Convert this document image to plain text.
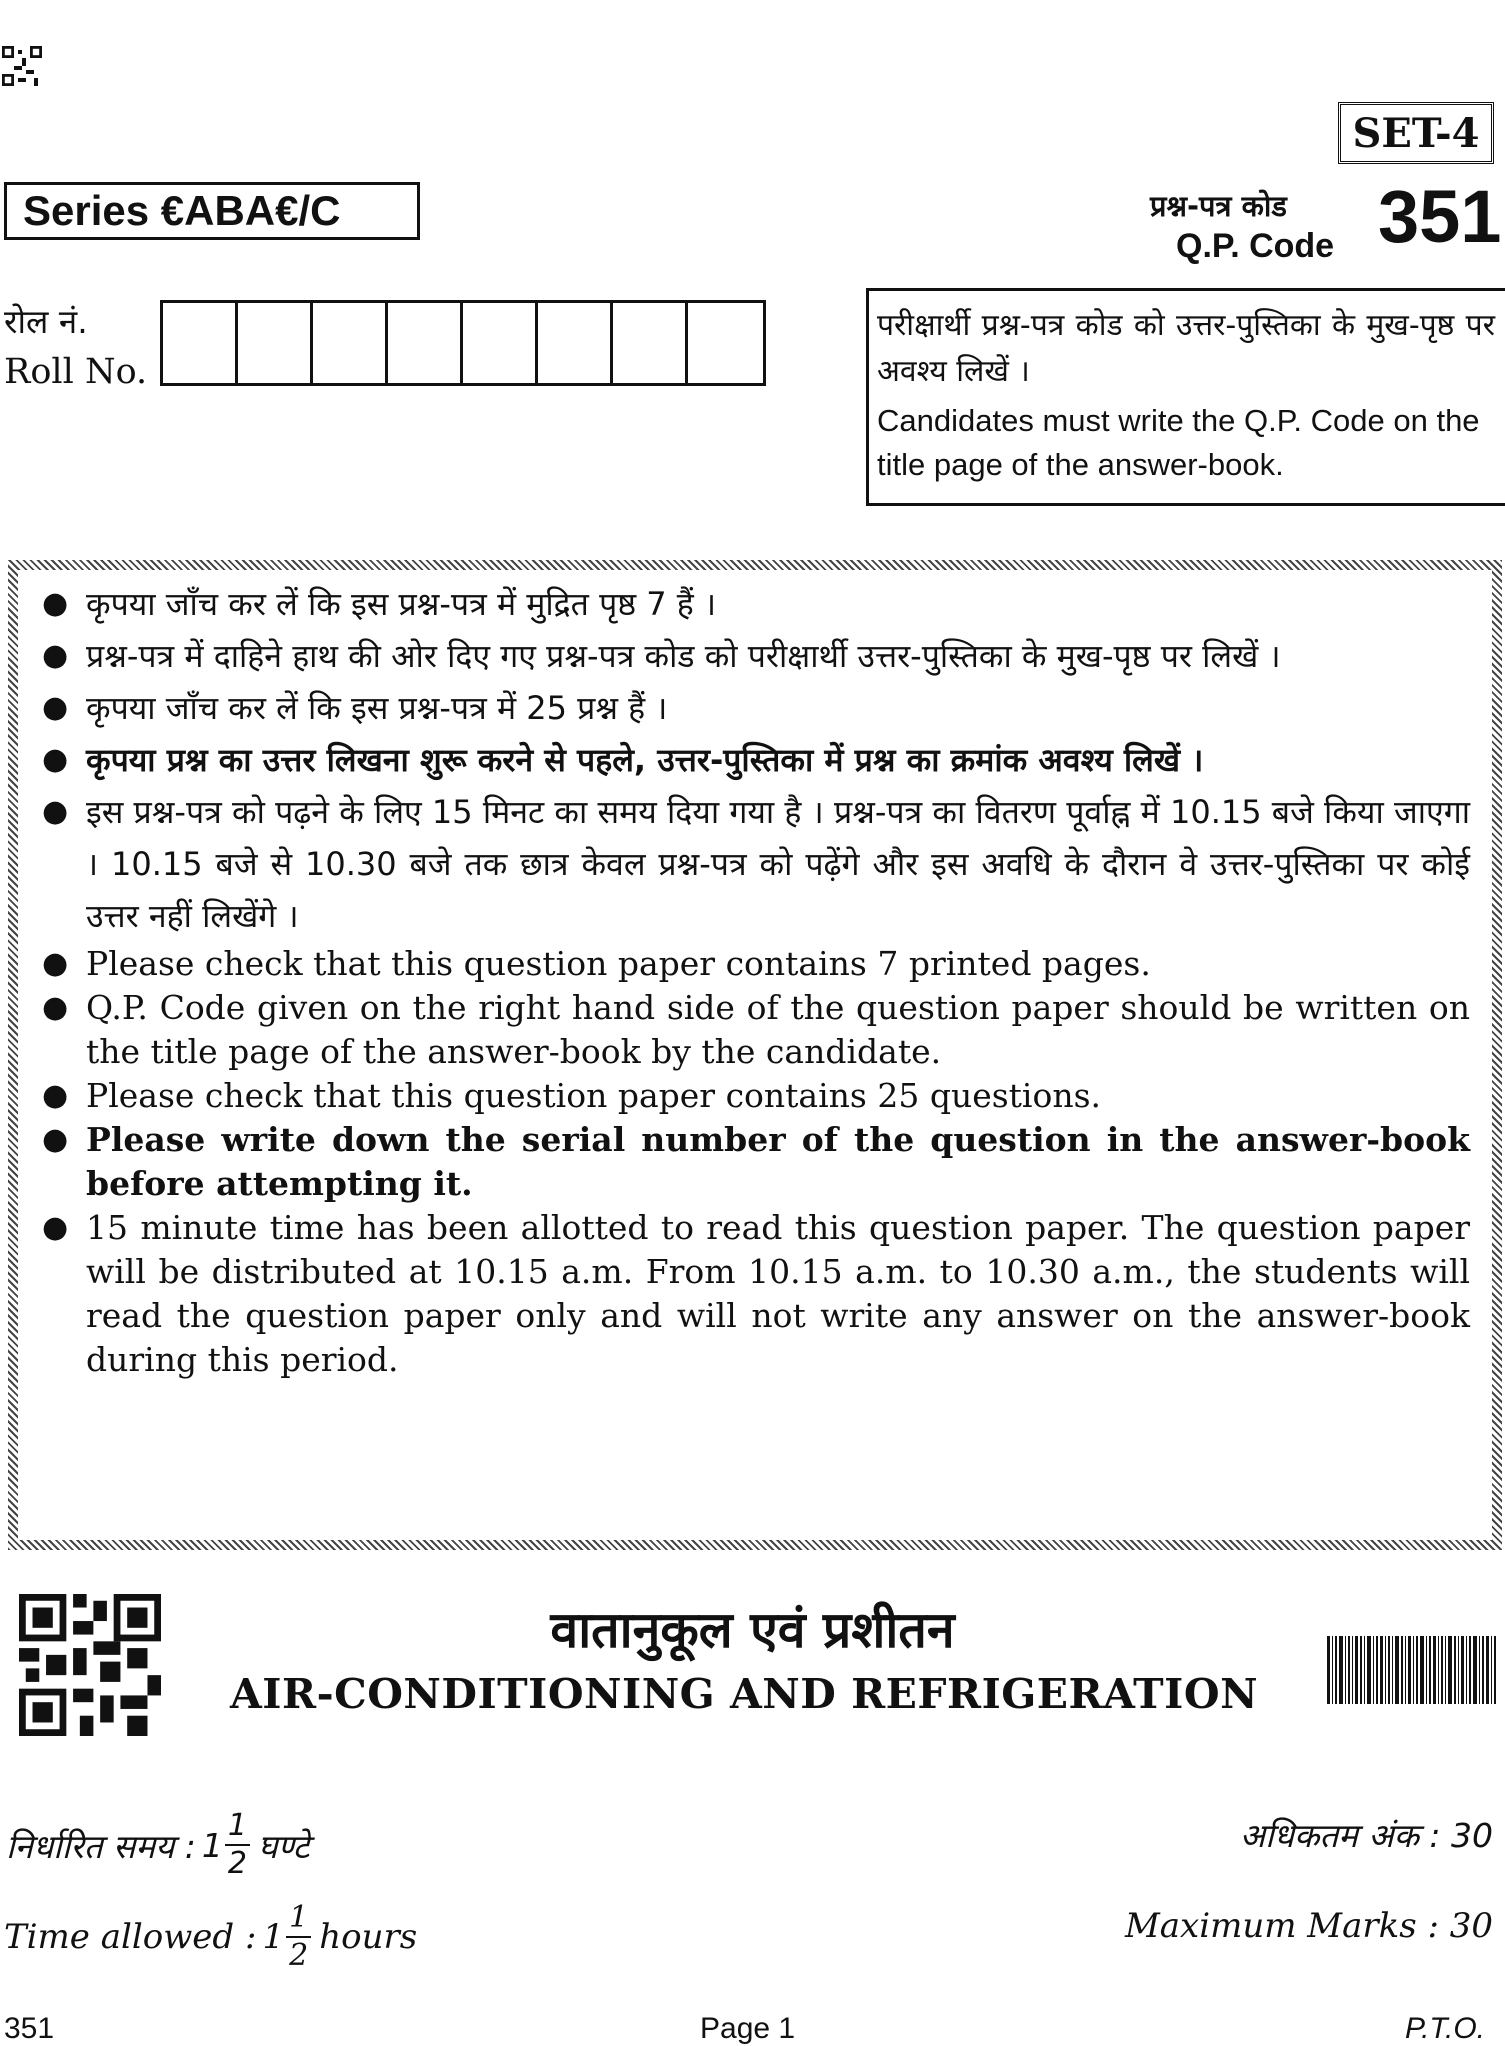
SET-4
Series €ABA€/C	प्रश्न-पत्र कोड
Q.P. Code 351
रोल नं.
Roll No.
परीक्षार्थी प्रश्न-पत्र कोड को उत्तर-पुस्तिका के मुख-पृष्ठ पर अवश्य लिखें ।
Candidates must write the Q.P. Code on the title page of the answer-book.
● कृपया जाँच कर लें कि इस प्रश्न-पत्र में मुद्रित पृष्ठ 7 हैं ।
● प्रश्न-पत्र में दाहिने हाथ की ओर दिए गए प्रश्न-पत्र कोड को परीक्षार्थी उत्तर-पुस्तिका के मुख-पृष्ठ पर लिखें ।
● कृपया जाँच कर लें कि इस प्रश्न-पत्र में 25 प्रश्न हैं ।
● कृपया प्रश्न का उत्तर लिखना शुरू करने से पहले, उत्तर-पुस्तिका में प्रश्न का क्रमांक अवश्य लिखें ।
● इस प्रश्न-पत्र को पढ़ने के लिए 15 मिनट का समय दिया गया है । प्रश्न-पत्र का वितरण पूर्वाह्न में 10.15 बजे किया जाएगा । 10.15 बजे से 10.30 बजे तक छात्र केवल प्रश्न-पत्र को पढ़ेंगे और इस अवधि के दौरान वे उत्तर-पुस्तिका पर कोई उत्तर नहीं लिखेंगे ।
● Please check that this question paper contains 7 printed pages.
● Q.P. Code given on the right hand side of the question paper should be written on the title page of the answer-book by the candidate.
● Please check that this question paper contains 25 questions.
● Please write down the serial number of the question in the answer-book before attempting it.
● 15 minute time has been allotted to read this question paper. The question paper will be distributed at 10.15 a.m. From 10.15 a.m. to 10.30 a.m., the students will read the question paper only and will not write any answer on the answer-book during this period.
वातानुकूल एवं प्रशीतन
AIR-CONDITIONING AND REFRIGERATION
निर्धारित समय : $1 \frac{1}{2}$ घण्टे	अधिकतम अंक : 30
Time allowed : $1 \frac{1}{2}$ hours	Maximum Marks : 30
351	Page 1	P.T.O.
